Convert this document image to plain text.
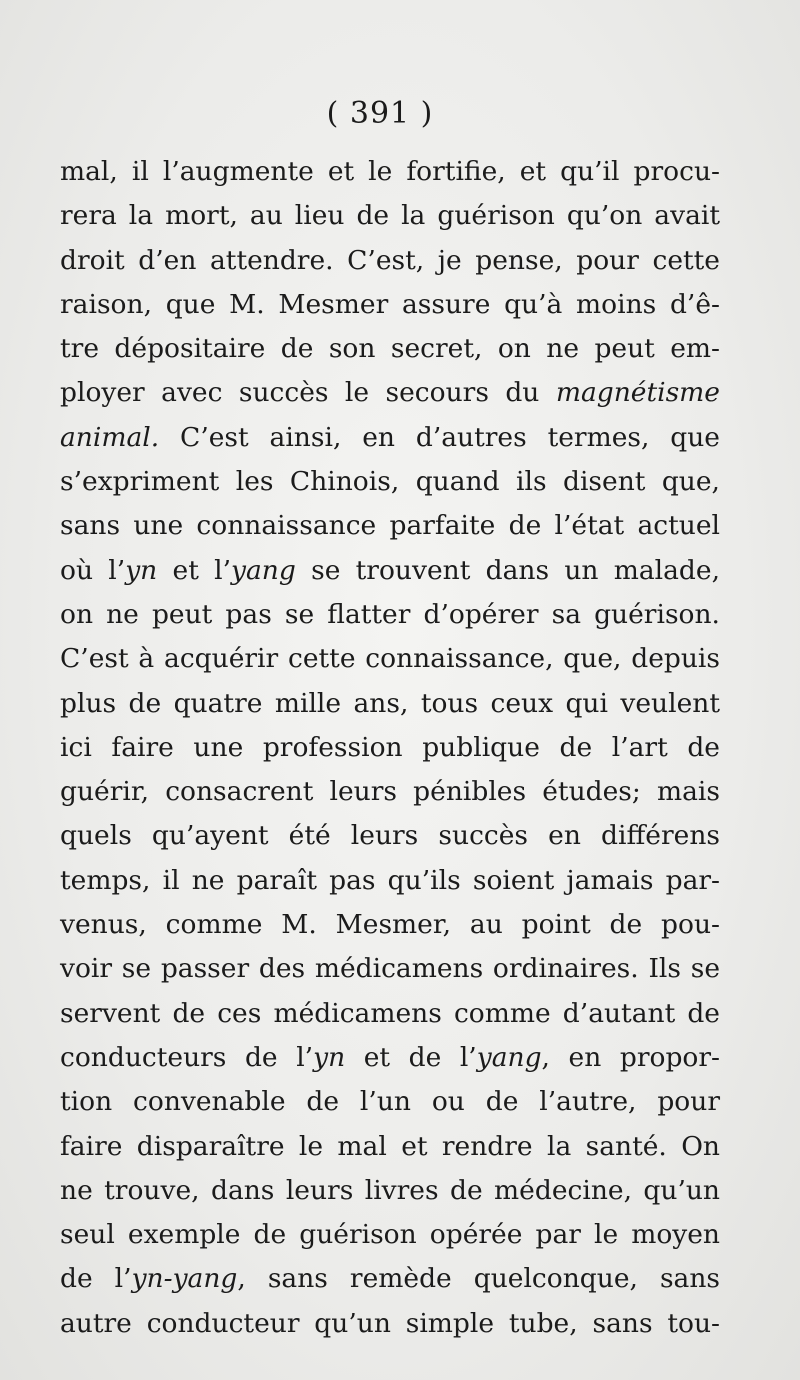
( 391 )
mal, il l’augmente et le fortifie, et qu’il procu-
rera la mort, au lieu de la guérison qu’on avait
droit d’en attendre. C’est, je pense, pour cette
raison, que M. Mesmer assure qu’à moins d’ê-
tre dépositaire de son secret, on ne peut em-
ployer avec succès le secours du magnétisme
animal. C’est ainsi, en d’autres termes, que
s’expriment les Chinois, quand ils disent que,
sans une connaissance parfaite de l’état actuel
où l’yn et l’yang se trouvent dans un malade,
on ne peut pas se flatter d’opérer sa guérison.
C’est à acquérir cette connaissance, que, depuis
plus de quatre mille ans, tous ceux qui veulent
ici faire une profession publique de l’art de
guérir, consacrent leurs pénibles études; mais
quels qu’ayent été leurs succès en différens
temps, il ne paraît pas qu’ils soient jamais par-
venus, comme M. Mesmer, au point de pou-
voir se passer des médicamens ordinaires. Ils se
servent de ces médicamens comme d’autant de
conducteurs de l’yn et de l’yang, en propor-
tion convenable de l’un ou de l’autre, pour
faire disparaître le mal et rendre la santé. On
ne trouve, dans leurs livres de médecine, qu’un
seul exemple de guérison opérée par le moyen
de l’yn-yang, sans remède quelconque, sans
autre conducteur qu’un simple tube, sans tou-
